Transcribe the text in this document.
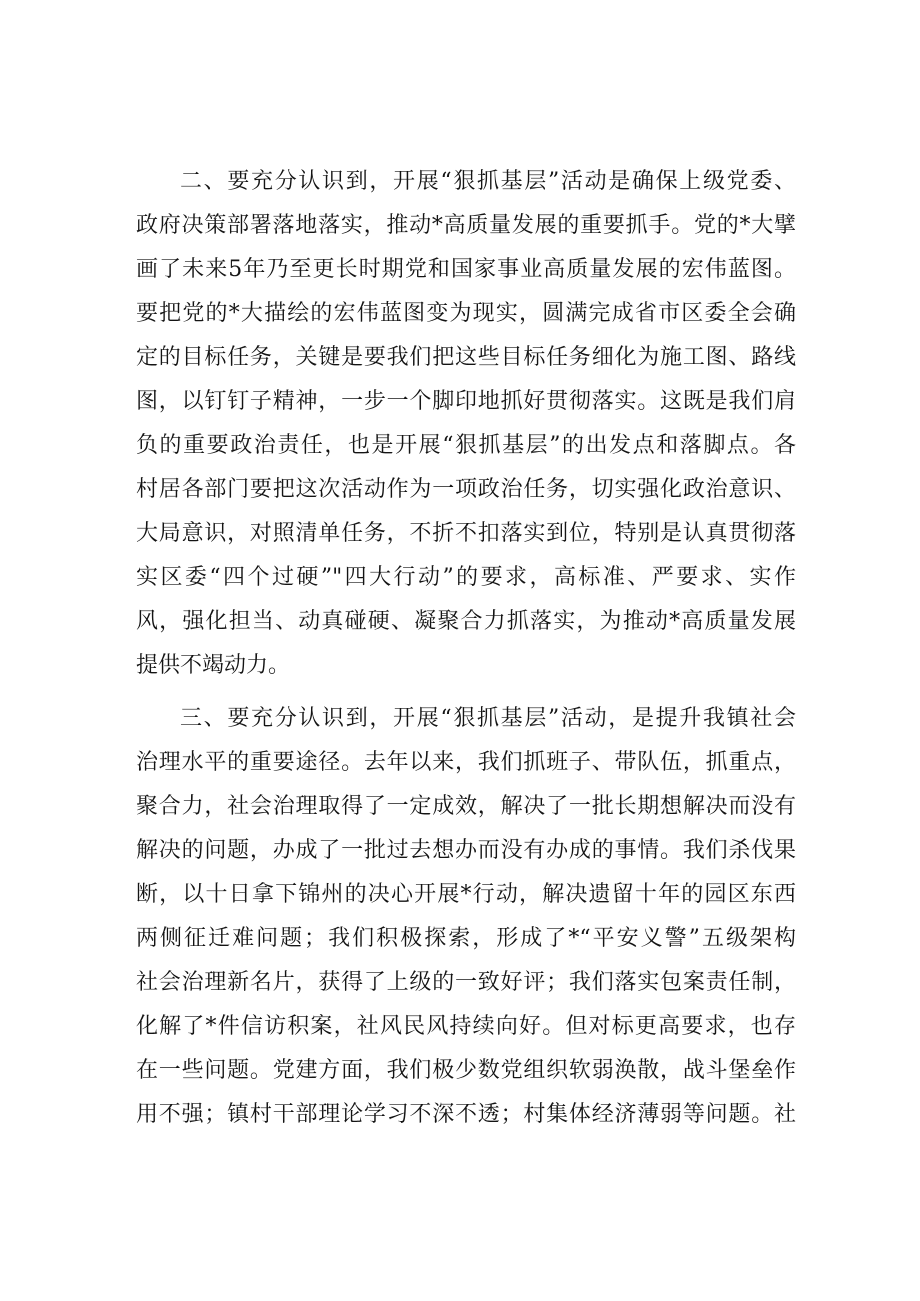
二、要充分认识到，开展“狠抓基层”活动是确保上级党委、
政府决策部署落地落实，推动*高质量发展的重要抓手。党的*大擘
画了未来5年乃至更长时期党和国家事业高质量发展的宏伟蓝图。
要把党的*大描绘的宏伟蓝图变为现实，圆满完成省市区委全会确
定的目标任务，关键是要我们把这些目标任务细化为施工图、路线
图，以钉钉子精神，一步一个脚印地抓好贯彻落实。这既是我们肩
负的重要政治责任，也是开展“狠抓基层”的出发点和落脚点。各
村居各部门要把这次活动作为一项政治任务，切实强化政治意识、
大局意识，对照清单任务，不折不扣落实到位，特别是认真贯彻落
实区委“四个过硬”"四大行动”的要求，高标准、严要求、实作
风，强化担当、动真碰硬、凝聚合力抓落实，为推动*高质量发展
提供不竭动力。
三、要充分认识到，开展“狠抓基层”活动，是提升我镇社会
治理水平的重要途径。去年以来，我们抓班子、带队伍，抓重点，
聚合力，社会治理取得了一定成效，解决了一批长期想解决而没有
解决的问题，办成了一批过去想办而没有办成的事情。我们杀伐果
断，以十日拿下锦州的决心开展*行动，解决遗留十年的园区东西
两侧征迁难问题；我们积极探索，形成了*“平安义警”五级架构
社会治理新名片，获得了上级的一致好评；我们落实包案责任制，
化解了*件信访积案，社风民风持续向好。但对标更高要求，也存
在一些问题。党建方面，我们极少数党组织软弱涣散，战斗堡垒作
用不强；镇村干部理论学习不深不透；村集体经济薄弱等问题。社
